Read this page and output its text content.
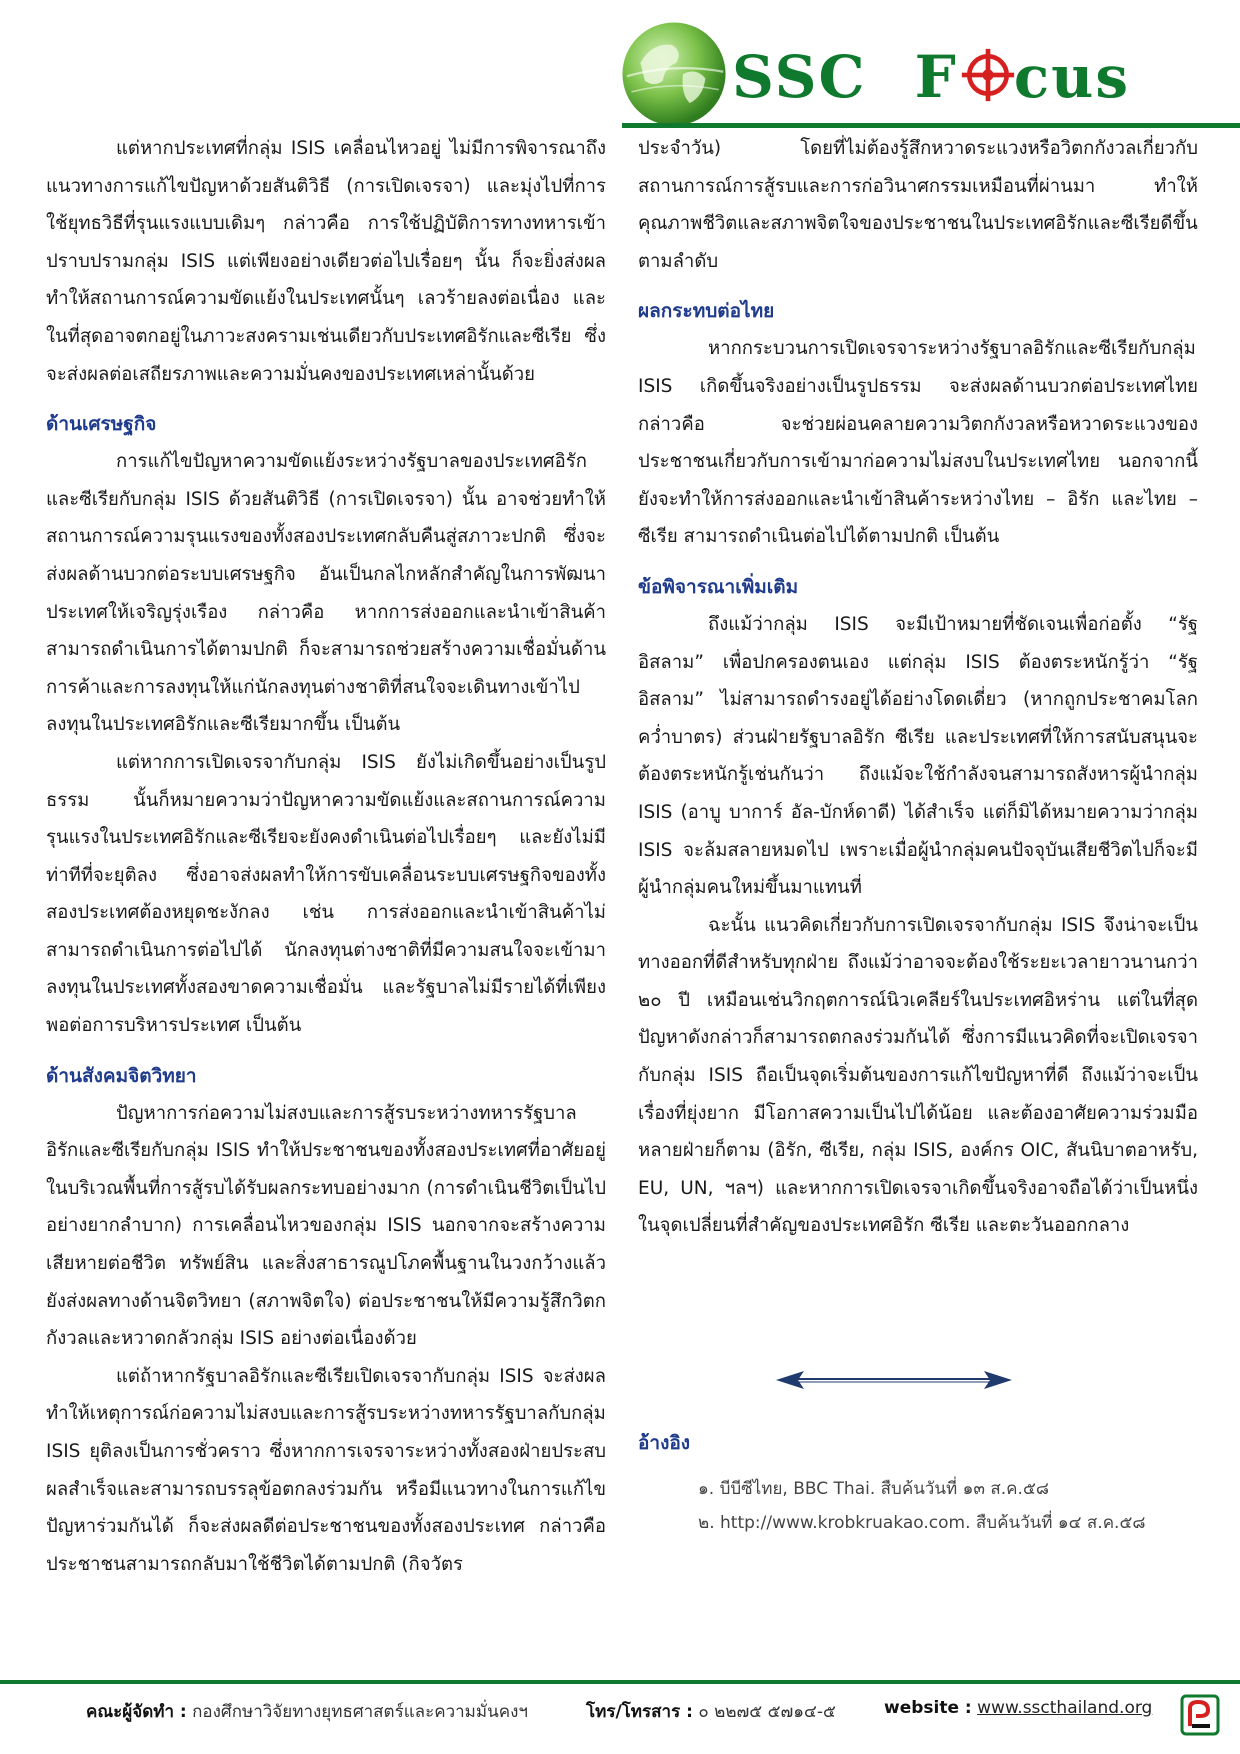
SSC F cus

แต่หากประเทศที่กลุ่ม ISIS เคลื่อนไหวอยู่ ไม่มีการพิจารณาถึงแนวทางการแก้ไขปัญหาด้วยสันติวิธี (การเปิดเจรจา) และมุ่งไปที่การใช้ยุทธวิธีที่รุนแรงแบบเดิมๆ กล่าวคือ การใช้ปฏิบัติการทางทหารเข้าปราบปรามกลุ่ม ISIS แต่เพียงอย่างเดียวต่อไปเรื่อยๆ นั้น ก็จะยิ่งส่งผลทำให้สถานการณ์ความขัดแย้งในประเทศนั้นๆ เลวร้ายลงต่อเนื่อง และในที่สุดอาจตกอยู่ในภาวะสงครามเช่นเดียวกับประเทศอิรักและซีเรีย ซึ่งจะส่งผลต่อเสถียรภาพและความมั่นคงของประเทศเหล่านั้นด้วย

ด้านเศรษฐกิจ

การแก้ไขปัญหาความขัดแย้งระหว่างรัฐบาลของประเทศอิรักและซีเรียกับกลุ่ม ISIS ด้วยสันติวิธี (การเปิดเจรจา) นั้น อาจช่วยทำให้สถานการณ์ความรุนแรงของทั้งสองประเทศกลับคืนสู่สภาวะปกติ ซึ่งจะส่งผลด้านบวกต่อระบบเศรษฐกิจ อันเป็นกลไกหลักสำคัญในการพัฒนาประเทศให้เจริญรุ่งเรือง กล่าวคือ หากการส่งออกและนำเข้าสินค้าสามารถดำเนินการได้ตามปกติ ก็จะสามารถช่วยสร้างความเชื่อมั่นด้านการค้าและการลงทุนให้แก่นักลงทุนต่างชาติที่สนใจจะเดินทางเข้าไปลงทุนในประเทศอิรักและซีเรียมากขึ้น เป็นต้น

แต่หากการเปิดเจรจากับกลุ่ม ISIS ยังไม่เกิดขึ้นอย่างเป็นรูปธรรม นั้นก็หมายความว่าปัญหาความขัดแย้งและสถานการณ์ความรุนแรงในประเทศอิรักและซีเรียจะยังคงดำเนินต่อไปเรื่อยๆ และยังไม่มีท่าทีที่จะยุติลง ซึ่งอาจส่งผลทำให้การขับเคลื่อนระบบเศรษฐกิจของทั้งสองประเทศต้องหยุดชะงักลง เช่น การส่งออกและนำเข้าสินค้าไม่สามารถดำเนินการต่อไปได้ นักลงทุนต่างชาติที่มีความสนใจจะเข้ามาลงทุนในประเทศทั้งสองขาดความเชื่อมั่น และรัฐบาลไม่มีรายได้ที่เพียงพอต่อการบริหารประเทศ เป็นต้น

ด้านสังคมจิตวิทยา

ปัญหาการก่อความไม่สงบและการสู้รบระหว่างทหารรัฐบาลอิรักและซีเรียกับกลุ่ม ISIS ทำให้ประชาชนของทั้งสองประเทศที่อาศัยอยู่ในบริเวณพื้นที่การสู้รบได้รับผลกระทบอย่างมาก (การดำเนินชีวิตเป็นไปอย่างยากลำบาก) การเคลื่อนไหวของกลุ่ม ISIS นอกจากจะสร้างความเสียหายต่อชีวิต ทรัพย์สิน และสิ่งสาธารณูปโภคพื้นฐานในวงกว้างแล้ว ยังส่งผลทางด้านจิตวิทยา (สภาพจิตใจ) ต่อประชาชนให้มีความรู้สึกวิตกกังวลและหวาดกลัวกลุ่ม ISIS อย่างต่อเนื่องด้วย

แต่ถ้าหากรัฐบาลอิรักและซีเรียเปิดเจรจากับกลุ่ม ISIS จะส่งผลทำให้เหตุการณ์ก่อความไม่สงบและการสู้รบระหว่างทหารรัฐบาลกับกลุ่ม ISIS ยุติลงเป็นการชั่วคราว ซึ่งหากการเจรจาระหว่างทั้งสองฝ่ายประสบผลสำเร็จและสามารถบรรลุข้อตกลงร่วมกัน หรือมีแนวทางในการแก้ไขปัญหาร่วมกันได้ ก็จะส่งผลดีต่อประชาชนของทั้งสองประเทศ กล่าวคือ ประชาชนสามารถกลับมาใช้ชีวิตได้ตามปกติ (กิจวัตร

ประจำวัน) โดยที่ไม่ต้องรู้สึกหวาดระแวงหรือวิตกกังวลเกี่ยวกับสถานการณ์การสู้รบและการก่อวินาศกรรมเหมือนที่ผ่านมา ทำให้คุณภาพชีวิตและสภาพจิตใจของประชาชนในประเทศอิรักและซีเรียดีขึ้นตามลำดับ

ผลกระทบต่อไทย

หากกระบวนการเปิดเจรจาระหว่างรัฐบาลอิรักและซีเรียกับกลุ่ม ISIS เกิดขึ้นจริงอย่างเป็นรูปธรรม จะส่งผลด้านบวกต่อประเทศไทย กล่าวคือ จะช่วยผ่อนคลายความวิตกกังวลหรือหวาดระแวงของประชาชนเกี่ยวกับการเข้ามาก่อความไม่สงบในประเทศไทย นอกจากนี้ยังจะทำให้การส่งออกและนำเข้าสินค้าระหว่างไทย – อิรัก และไทย – ซีเรีย สามารถดำเนินต่อไปได้ตามปกติ เป็นต้น

ข้อพิจารณาเพิ่มเติม

ถึงแม้ว่ากลุ่ม ISIS จะมีเป้าหมายที่ชัดเจนเพื่อก่อตั้ง “รัฐอิสลาม” เพื่อปกครองตนเอง แต่กลุ่ม ISIS ต้องตระหนักรู้ว่า “รัฐอิสลาม” ไม่สามารถดำรงอยู่ได้อย่างโดดเดี่ยว (หากถูกประชาคมโลกคว่ำบาตร) ส่วนฝ่ายรัฐบาลอิรัก ซีเรีย และประเทศที่ให้การสนับสนุนจะต้องตระหนักรู้เช่นกันว่า ถึงแม้จะใช้กำลังจนสามารถสังหารผู้นำกลุ่ม ISIS (อาบู บาการ์ อัล-บักห์ดาดี) ได้สำเร็จ แต่ก็มิได้หมายความว่ากลุ่ม ISIS จะล้มสลายหมดไป เพราะเมื่อผู้นำกลุ่มคนปัจจุบันเสียชีวิตไปก็จะมีผู้นำกลุ่มคนใหม่ขึ้นมาแทนที่

ฉะนั้น แนวคิดเกี่ยวกับการเปิดเจรจากับกลุ่ม ISIS จึงน่าจะเป็นทางออกที่ดีสำหรับทุกฝ่าย ถึงแม้ว่าอาจจะต้องใช้ระยะเวลายาวนานกว่า ๒๐ ปี เหมือนเช่นวิกฤตการณ์นิวเคลียร์ในประเทศอิหร่าน แต่ในที่สุดปัญหาดังกล่าวก็สามารถตกลงร่วมกันได้ ซึ่งการมีแนวคิดที่จะเปิดเจรจากับกลุ่ม ISIS ถือเป็นจุดเริ่มต้นของการแก้ไขปัญหาที่ดี ถึงแม้ว่าจะเป็นเรื่องที่ยุ่งยาก มีโอกาสความเป็นไปได้น้อย และต้องอาศัยความร่วมมือหลายฝ่ายก็ตาม (อิรัก, ซีเรีย, กลุ่ม ISIS, องค์กร OIC, สันนิบาตอาหรับ, EU, UN, ฯลฯ) และหากการเปิดเจรจาเกิดขึ้นจริงอาจถือได้ว่าเป็นหนึ่งในจุดเปลี่ยนที่สำคัญของประเทศอิรัก ซีเรีย และตะวันออกกลาง

อ้างอิง
๑. บีบีซีไทย, BBC Thai. สืบค้นวันที่ ๑๓ ส.ค.๕๘
๒. http://www.krobkruakao.com. สืบค้นวันที่ ๑๔ ส.ค.๕๘
คณะผู้จัดทำ : กองศึกษาวิจัยทางยุทธศาสตร์และความมั่นคงฯ	โทร/โทรสาร : ๐ ๒๒๗๕ ๕๗๑๔-๕	website : www.sscthailand.org
